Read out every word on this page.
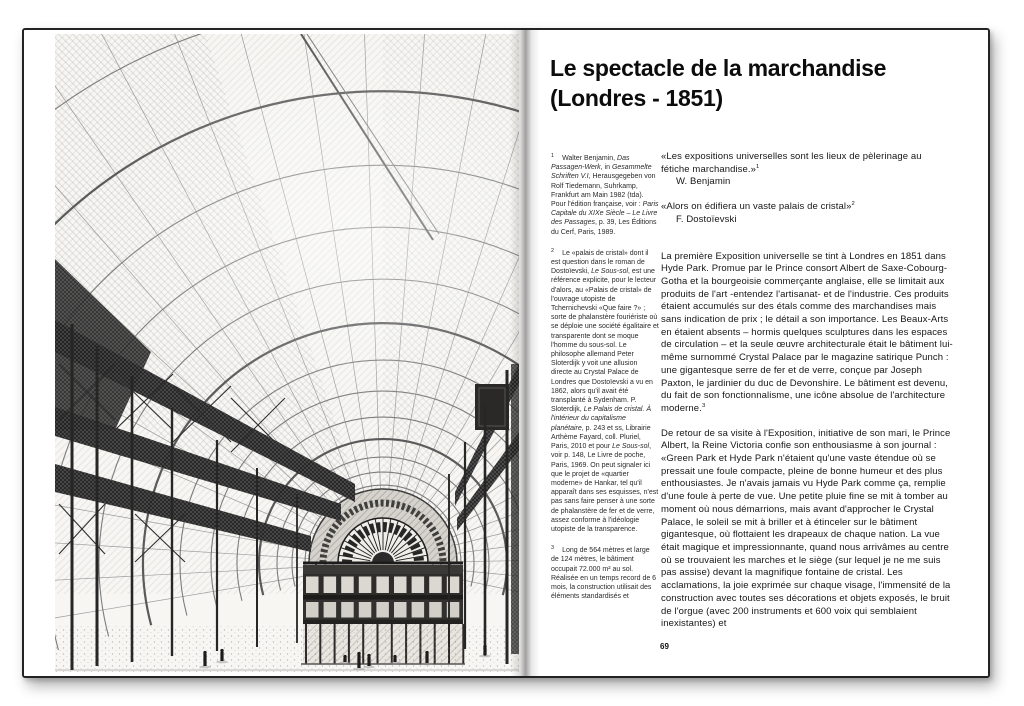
Le spectacle de la marchandise
(Londres - 1851)
$^1$ Walter Benjamin, Das Passagen-Werk, in Gesammelte Schriften V.I, Herausgegeben von Rolf Tiedemann, Suhrkamp, Frankfurt am Main 1982 (tda). Pour l'édition française, voir : Paris Capitale du XIXe Siècle – Le Livre des Passages, p. 39, Les Éditions du Cerf, Paris, 1989.
$^2$ Le «palais de cristal» dont il est question dans le roman de Dostoïevski, Le Sous-sol, est une référence explicite, pour le lecteur d'alors, au «Palais de cristal» de l'ouvrage utopiste de Tchernichevski «Que faire ?» ; sorte de phalanstère fouriériste où se déploie une société égalitaire et transparente dont se moque l'homme du sous-sol. Le philosophe allemand Peter Sloterdijk y voit une allusion directe au Crystal Palace de Londres que Dostoïevski a vu en 1862, alors qu'il avait été transplanté à Sydenham. P. Sloterdijk, Le Palais de cristal. À l'intérieur du capitalisme planétaire, p. 243 et ss, Librairie Arthème Fayard, coll. Pluriel, Paris, 2010 et pour Le Sous-sol, voir p. 148, Le Livre de poche, Paris, 1969. On peut signaler ici que le projet de «quartier moderne» de Hankar, tel qu'il apparaît dans ses esquisses, n'est pas sans faire penser à une sorte de phalanstère de fer et de verre, assez conforme à l'idéologie utopiste de la transparence.
$^3$ Long de 564 mètres et large de 124 mètres, le bâtiment occupait 72.000 m² au sol. Réalisée en un temps record de 6 mois, la construction utilisait des éléments standardisés et

«Les expositions universelles sont les lieux de pèlerinage au fétiche marchandise.»$^1$
W. Benjamin

«Alors on édifiera un vaste palais de cristal»$^2$
F. Dostoïevski

La première Exposition universelle se tint à Londres en 1851 dans Hyde Park. Promue par le Prince consort Albert de Saxe-Cobourg-Gotha et la bourgeoisie commerçante anglaise, elle se limitait aux produits de l'art -entendez l'artisanat- et de l'industrie. Ces produits étaient accumulés sur des étals comme des marchandises mais sans indication de prix ; le détail a son importance. Les Beaux-Arts en étaient absents – hormis quelques sculptures dans les espaces de circulation – et la seule œuvre architecturale était le bâtiment lui-même surnommé Crystal Palace par le magazine satirique Punch : une gigantesque serre de fer et de verre, conçue par Joseph Paxton, le jardinier du duc de Devonshire. Le bâtiment est devenu, du fait de son fonctionnalisme, une icône absolue de l'architecture moderne.$^3$

De retour de sa visite à l'Exposition, initiative de son mari, le Prince Albert, la Reine Victoria confie son enthousiasme à son journal : «Green Park et Hyde Park n'étaient qu'une vaste étendue où se pressait une foule compacte, pleine de bonne humeur et des plus enthousiastes. Je n'avais jamais vu Hyde Park comme ça, remplie d'une foule à perte de vue. Une petite pluie fine se mit à tomber au moment où nous démarrions, mais avant d'approcher le Crystal Palace, le soleil se mit à briller et à étinceler sur le bâtiment gigantesque, où flottaient les drapeaux de chaque nation. La vue était magique et impressionnante, quand nous arrivâmes au centre où se trouvaient les marches et le siège (sur lequel je ne me suis pas assise) devant la magnifique fontaine de cristal. Les acclamations, la joie exprimée sur chaque visage, l'immensité de la construction avec toutes ses décorations et objets exposés, le bruit de l'orgue (avec 200 instruments et 600 voix qui semblaient inexistantes) et

69
